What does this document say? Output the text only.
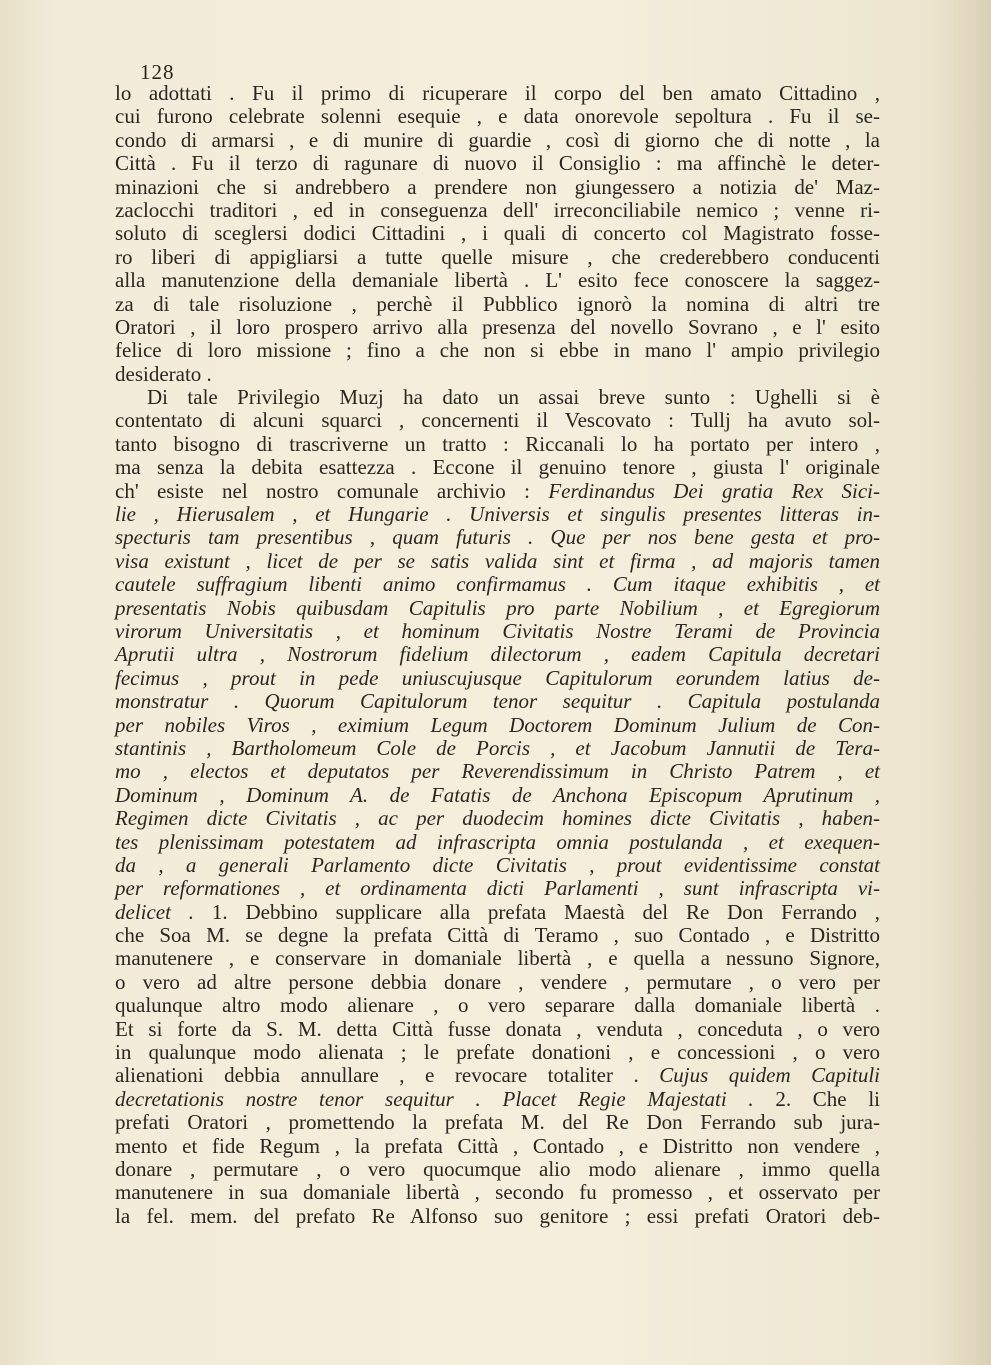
128
lo adottati . Fu il primo di ricuperare il corpo del ben amato Cittadino ,
cui furono celebrate solenni esequie , e data onorevole sepoltura . Fu il se-
condo di armarsi , e di munire di guardie , così di giorno che di notte , la
Città . Fu il terzo di ragunare di nuovo il Consiglio : ma affinchè le deter-
minazioni che si andrebbero a prendere non giungessero a notizia de' Maz-
zaclocchi traditori , ed in conseguenza dell' irreconciliabile nemico ; venne ri-
soluto di sceglersi dodici Cittadini , i quali di concerto col Magistrato fosse-
ro liberi di appigliarsi a tutte quelle misure , che crederebbero conducenti
alla manutenzione della demaniale libertà . L' esito fece conoscere la saggez-
za di tale risoluzione , perchè il Pubblico ignorò la nomina di altri tre
Oratori , il loro prospero arrivo alla presenza del novello Sovrano , e l' esito
felice di loro missione ; fino a che non si ebbe in mano l' ampio privilegio
desiderato .
Di tale Privilegio Muzj ha dato un assai breve sunto : Ughelli si è
contentato di alcuni squarci , concernenti il Vescovato : Tullj ha avuto sol-
tanto bisogno di trascriverne un tratto : Riccanali lo ha portato per intero ,
ma senza la debita esattezza . Eccone il genuino tenore , giusta l' originale
ch' esiste nel nostro comunale archivio : Ferdinandus Dei gratia Rex Sici-
lie , Hierusalem , et Hungarie . Universis et singulis presentes litteras in-
specturis tam presentibus , quam futuris . Que per nos bene gesta et pro-
visa existunt , licet de per se satis valida sint et firma , ad majoris tamen
cautele suffragium libenti animo confirmamus . Cum itaque exhibitis , et
presentatis Nobis quibusdam Capitulis pro parte Nobilium , et Egregiorum
virorum Universitatis , et hominum Civitatis Nostre Terami de Provincia
Aprutii ultra , Nostrorum fidelium dilectorum , eadem Capitula decretari
fecimus , prout in pede uniuscujusque Capitulorum eorundem latius de-
monstratur . Quorum Capitulorum tenor sequitur . Capitula postulanda
per nobiles Viros , eximium Legum Doctorem Dominum Julium de Con-
stantinis , Bartholomeum Cole de Porcis , et Jacobum Jannutii de Tera-
mo , electos et deputatos per Reverendissimum in Christo Patrem , et
Dominum , Dominum A. de Fatatis de Anchona Episcopum Aprutinum ,
Regimen dicte Civitatis , ac per duodecim homines dicte Civitatis , haben-
tes plenissimam potestatem ad infrascripta omnia postulanda , et exequen-
da , a generali Parlamento dicte Civitatis , prout evidentissime constat
per reformationes , et ordinamenta dicti Parlamenti , sunt infrascripta vi-
delicet . 1. Debbino supplicare alla prefata Maestà del Re Don Ferrando ,
che Soa M. se degne la prefata Città di Teramo , suo Contado , e Distritto
manutenere , e conservare in domaniale libertà , e quella a nessuno Signore,
o vero ad altre persone debbia donare , vendere , permutare , o vero per
qualunque altro modo alienare , o vero separare dalla domaniale libertà .
Et si forte da S. M. detta Città fusse donata , venduta , conceduta , o vero
in qualunque modo alienata ; le prefate donationi , e concessioni , o vero
alienationi debbia annullare , e revocare totaliter . Cujus quidem Capituli
decretationis nostre tenor sequitur . Placet Regie Majestati . 2. Che li
prefati Oratori , promettendo la prefata M. del Re Don Ferrando sub jura-
mento et fide Regum , la prefata Città , Contado , e Distritto non vendere ,
donare , permutare , o vero quocumque alio modo alienare , immo quella
manutenere in sua domaniale libertà , secondo fu promesso , et osservato per
la fel. mem. del prefato Re Alfonso suo genitore ; essi prefati Oratori deb-
